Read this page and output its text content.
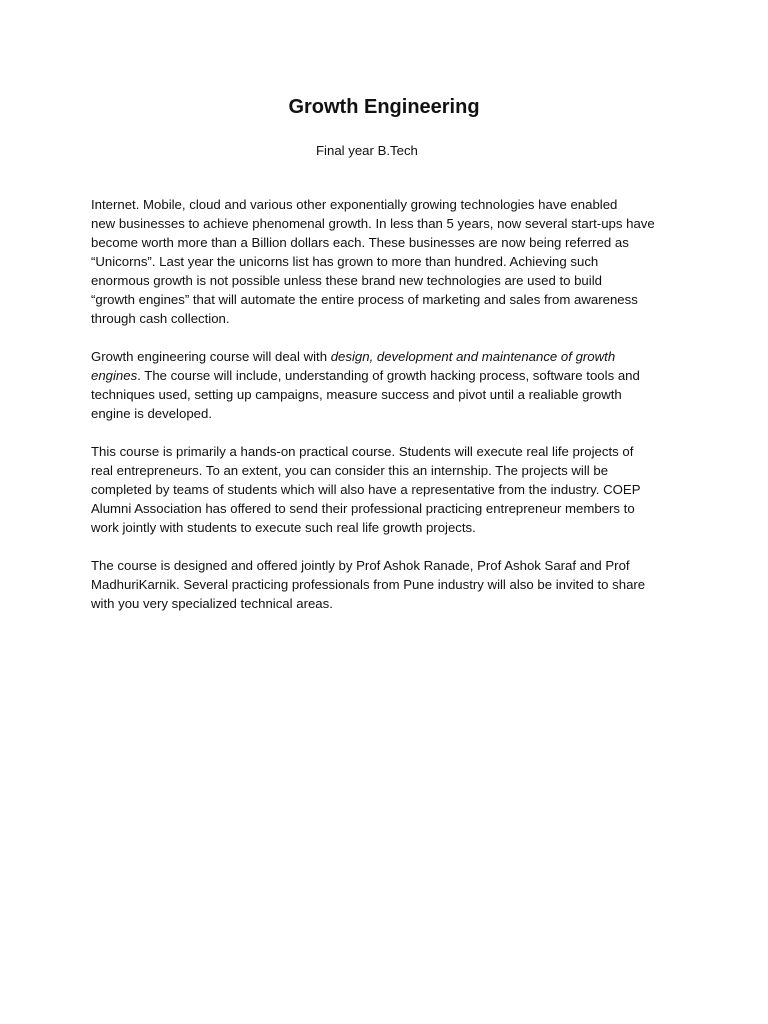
Growth Engineering
Final year B.Tech

Internet. Mobile, cloud and various other exponentially growing technologies have enabled
new businesses to achieve phenomenal growth. In less than 5 years, now several start-ups have
become worth more than a Billion dollars each. These businesses are now being referred as
“Unicorns”. Last year the unicorns list has grown to more than hundred. Achieving such
enormous growth is not possible unless these brand new technologies are used to build
“growth engines” that will automate the entire process of marketing and sales from awareness
through cash collection.

Growth engineering course will deal with design, development and maintenance of growth
engines. The course will include, understanding of growth hacking process, software tools and
techniques used, setting up campaigns, measure success and pivot until a realiable growth
engine is developed.

This course is primarily a hands-on practical course. Students will execute real life projects of
real entrepreneurs. To an extent, you can consider this an internship. The projects will be
completed by teams of students which will also have a representative from the industry. COEP
Alumni Association has offered to send their professional practicing entrepreneur members to
work jointly with students to execute such real life growth projects.

The course is designed and offered jointly by Prof Ashok Ranade, Prof Ashok Saraf and Prof
MadhuriKarnik. Several practicing professionals from Pune industry will also be invited to share
with you very specialized technical areas.
